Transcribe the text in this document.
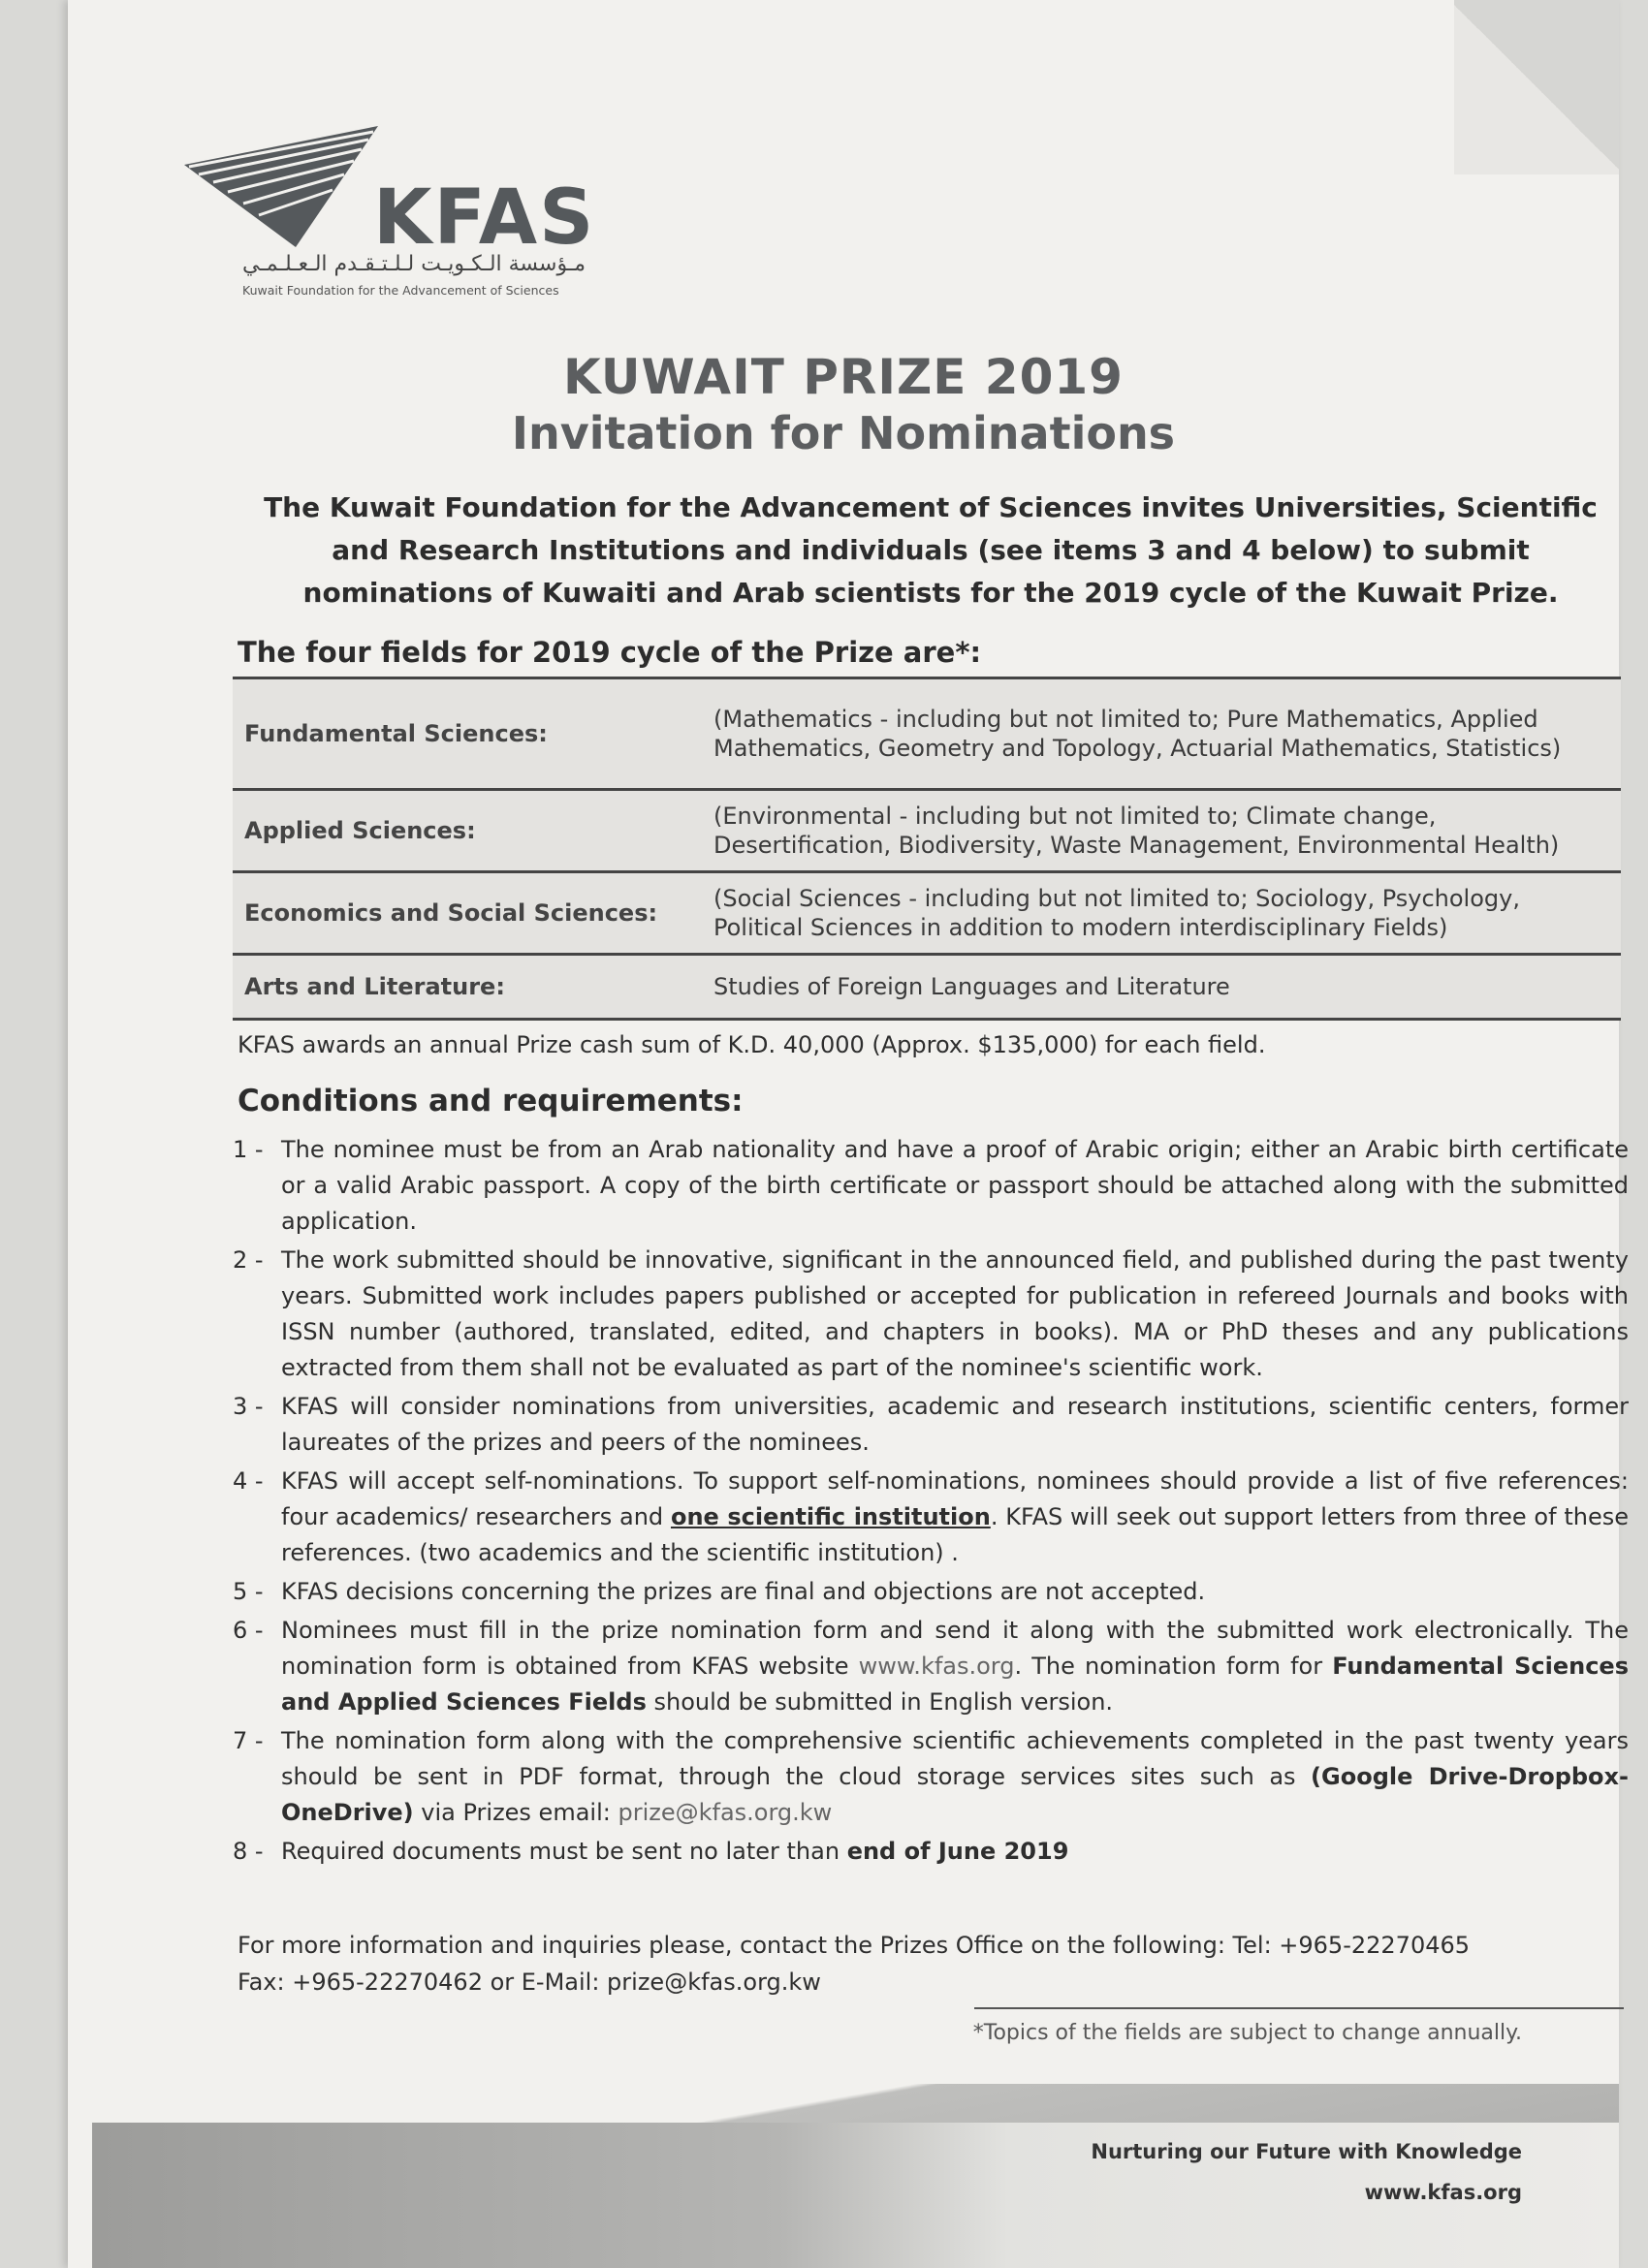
KFAS
مـؤسسة الـكـويـت لـلـتـقـدم الـعـلـمـي
Kuwait Foundation for the Advancement of Sciences
KUWAIT PRIZE 2019
Invitation for Nominations
The Kuwait Foundation for the Advancement of Sciences invites Universities, Scientific and Research Institutions and individuals (see items 3 and 4 below) to submit nominations of Kuwaiti and Arab scientists for the 2019 cycle of the Kuwait Prize.
The four fields for 2019 cycle of the Prize are*:
Fundamental Sciences:	(Mathematics - including but not limited to; Pure Mathematics, Applied Mathematics, Geometry and Topology, Actuarial Mathematics, Statistics)
Applied Sciences:	(Environmental - including but not limited to; Climate change, Desertification, Biodiversity, Waste Management, Environmental Health)
Economics and Social Sciences:	(Social Sciences - including but not limited to; Sociology, Psychology, Political Sciences in addition to modern interdisciplinary Fields)
Arts and Literature:	Studies of Foreign Languages and Literature
KFAS awards an annual Prize cash sum of K.D. 40,000 (Approx. $135,000) for each field.
Conditions and requirements:
1 - The nominee must be from an Arab nationality and have a proof of Arabic origin; either an Arabic birth certificate or a valid Arabic passport. A copy of the birth certificate or passport should be attached along with the submitted application.
2 - The work submitted should be innovative, significant in the announced field, and published during the past twenty years. Submitted work includes papers published or accepted for publication in refereed Journals and books with ISSN number (authored, translated, edited, and chapters in books). MA or PhD theses and any publications extracted from them shall not be evaluated as part of the nominee's scientific work.
3 - KFAS will consider nominations from universities, academic and research institutions, scientific centers, former laureates of the prizes and peers of the nominees.
4 - KFAS will accept self-nominations. To support self-nominations, nominees should provide a list of five references: four academics/ researchers and one scientific institution. KFAS will seek out support letters from three of these references. (two academics and the scientific institution) .
5 - KFAS decisions concerning the prizes are final and objections are not accepted.
6 - Nominees must fill in the prize nomination form and send it along with the submitted work electronically. The nomination form is obtained from KFAS website www.kfas.org. The nomination form for Fundamental Sciences and Applied Sciences Fields should be submitted in English version.
7 - The nomination form along with the comprehensive scientific achievements completed in the past twenty years should be sent in PDF format, through the cloud storage services sites such as (Google Drive-Dropbox-OneDrive) via Prizes email: prize@kfas.org.kw
8 - Required documents must be sent no later than end of June 2019
For more information and inquiries please, contact the Prizes Office on the following: Tel: +965-22270465
Fax: +965-22270462 or E-Mail: prize@kfas.org.kw
*Topics of the fields are subject to change annually.
Nurturing our Future with Knowledge
www.kfas.org
